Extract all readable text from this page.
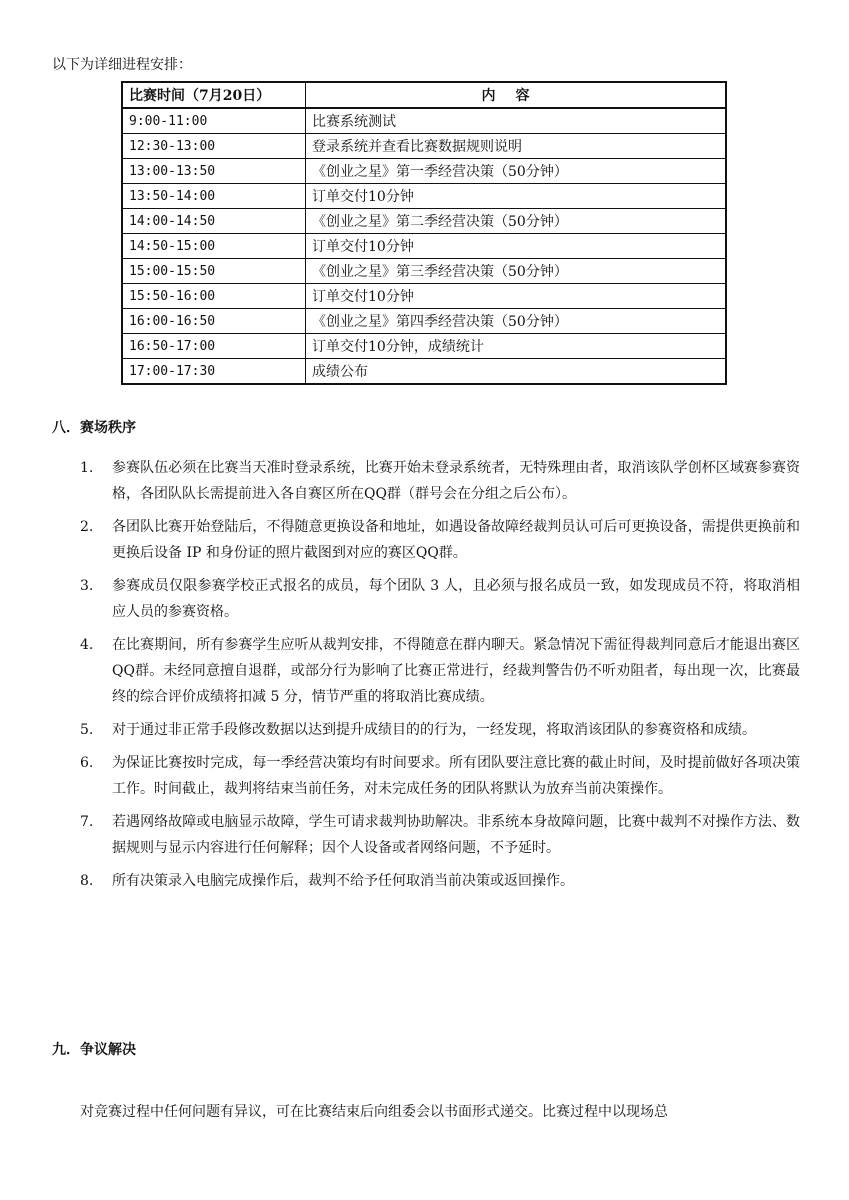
以下为详细进程安排：
比赛时间（7月20日）	内容
9:00-11:00	比赛系统测试
12:30-13:00	登录系统并查看比赛数据规则说明
13:00-13:50	《创业之星》第一季经营决策（50分钟）
13:50-14:00	订单交付10分钟
14:00-14:50	《创业之星》第二季经营决策（50分钟）
14:50-15:00	订单交付10分钟
15:00-15:50	《创业之星》第三季经营决策（50分钟）
15:50-16:00	订单交付10分钟
16:00-16:50	《创业之星》第四季经营决策（50分钟）
16:50-17:00	订单交付10分钟，成绩统计
17:00-17:30	成绩公布
八．赛场秩序
1.	参赛队伍必须在比赛当天准时登录系统，比赛开始未登录系统者，无特殊理由者，取消该队学创杯区域赛参赛资格，各团队队长需提前进入各自赛区所在QQ群（群号会在分组之后公布）。
2.	各团队比赛开始登陆后，不得随意更换设备和地址，如遇设备故障经裁判员认可后可更换设备，需提供更换前和更换后设备 IP 和身份证的照片截图到对应的赛区QQ群。
3.	参赛成员仅限参赛学校正式报名的成员，每个团队 3 人，且必须与报名成员一致，如发现成员不符，将取消相应人员的参赛资格。
4.	在比赛期间，所有参赛学生应听从裁判安排，不得随意在群内聊天。紧急情况下需征得裁判同意后才能退出赛区QQ群。未经同意擅自退群，或部分行为影响了比赛正常进行，经裁判警告仍不听劝阻者，每出现一次，比赛最终的综合评价成绩将扣减 5 分，情节严重的将取消比赛成绩。
5.	对于通过非正常手段修改数据以达到提升成绩目的的行为，一经发现，将取消该团队的参赛资格和成绩。
6.	为保证比赛按时完成，每一季经营决策均有时间要求。所有团队要注意比赛的截止时间，及时提前做好各项决策工作。时间截止，裁判将结束当前任务，对未完成任务的团队将默认为放弃当前决策操作。
7.	若遇网络故障或电脑显示故障，学生可请求裁判协助解决。非系统本身故障问题，比赛中裁判不对操作方法、数据规则与显示内容进行任何解释；因个人设备或者网络问题，不予延时。
8.	所有决策录入电脑完成操作后，裁判不给予任何取消当前决策或返回操作。
九．争议解决
对竞赛过程中任何问题有异议，可在比赛结束后向组委会以书面形式递交。比赛过程中以现场总
